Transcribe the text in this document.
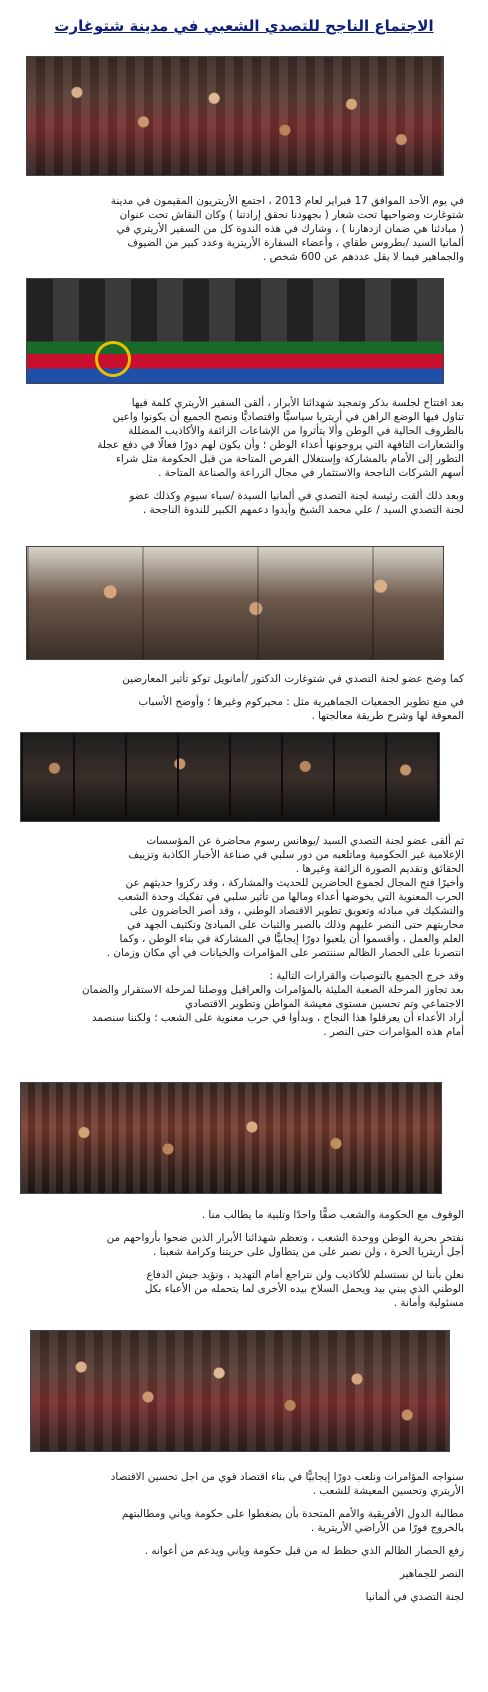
الاجتماع الناجح للتصدي الشعبي في مدينة شتوغارت

في يوم الأحد الموافق 17 فبراير لعام 2013 ، اجتمع الأريتريون المقيمون في مدينة

شتوغارت وضواحيها تحت شعار ( بجهودنا نحقق إرادتنا ) وكان النقاش تحت عنوان

( مبادئنا هي ضمان ازدهارنا ) ، وشارك في هذه الندوة كل من السفير الأريتري في

ألمانيا السيد /بطروس طقاي ، وأعضاء السفارة الأريترية وعدد كبير من الضيوف

والجماهير فيما لا يقل عددهم عن 600 شخص .

بعد افتتاح لجلسة بذكر وتمجيد شهدائنا الأبرار ، ألقى السفير الأريتري كلمة فيها

تناول فيها الوضع الراهن في أريتريا سياسيًّا واقتصاديًّا ونصح الجميع أن يكونوا واعين

بالظروف الحالية في الوطن وألا يتأثروا من الإشاعات الزائفة والأكاذيب المضللة

والشعارات التافهة التي يروجونها أعداء الوطن ؛ وأن يكون لهم دورًا فعالًا في دفع عجلة

التطور إلى الأمام بالمشاركة وإستغلال الفرص المتاحة من قبل الحكومة مثل شراء

أسهم الشركات الناجحة والاستثمار في مجال الزراعة والصناعة المتاحة .

وبعد ذلك ألقت رئيسة لجنة التصدي في ألمانيا السيدة /سباء سيوم وكذلك عضو

لجنة التصدي السيد / علي محمد الشيخ وأيدوا دعمهم الكبير للندوة الناجحة .

كما وضح عضو لجنة التصدي في شتوغارت الدكتور /أمانويل توكو تأثير المعارضين

في منع تطوير الجمعيات الجماهيرية مثل : محيركوم وغيرها ؛ وأوضح الأسباب

المعوقة لها وشرح طريقة معالجتها .

ثم ألقى عضو لجنة التصدي السيد /يوهانس رسوم محاضرة عن المؤسسات

الإعلامية غير الحكومية وماتلعبه من دور سلبي في صناعة الأخبار الكاذبة وتزييف

الحقائق وتقديم الصورة الزائفة وغيرها .

وأخيرًا فتح المجال لجموع الحاضرين للحديث والمشاركة ، وقد ركزوا حديثهم عن

الحرب المعنوية التي يخوضها أعداء ومالها من تأثير سلبي في تفكيك وحدة الشعب

والتشكيك في مبادئه وتعويق تطوير الاقتصاد الوطني ، وقد أصر الحاضرون على

محاربتهم حتى النصر عليهم وذلك بالصبر والثبات على المبادئ وتكثيف الجهد في

العلم والعمل ، وأقسموا أن يلعبوا دورًا إيجابيًّا في المشاركة في بناء الوطن ، وكما

انتصرنا على الحصار الظالم سننتصر على المؤامرات والخيانات في أي مكان وزمان .

وقد خرج الجميع بالتوصيات والقرارات التالية :

بعد تجاوز المرحلة الصعبة المليئة بالمؤامرات والعراقيل ووصلنا لمرحلة الاستقرار والضمان

الاجتماعي وتم تحسين مستوى معيشة المواطن وتطوير الاقتصادي

أراد الأعداء أن يعرقلوا هذا النجاح ، وبدأوا في حرب معنوية على الشعب ؛ ولكننا سنصمد

أمام هذه المؤامرات حتى النصر .

الوقوف مع الحكومة والشعب صفًّا واحدًا وتلبية ما يطالب منا .

نفتخر بحرية الوطن ووحدة الشعب ، وتعظم شهدائنا الأبرار الذين ضحوا بأرواحهم من

أجل أريتريا الحرة ، ولن نصبر على من يتطاول على حريتنا وكرامة شعبنا .

نعلن بأننا لن نستسلم للأكاذيب ولن نتراجع أمام التهديد ، ونؤيد جيش الدفاع

الوطني الذي يبني بيد ويحمل السلاح بيده الأخرى لما يتحمله من الأعباء بكل

مسئولية وأمانة .

سنواجه المؤامرات ونلعب دورًا إيجابيًّا في بناء اقتصاد قوي من اجل تحسين الاقتصاد

الأريتري وتحسين المعيشة للشعب .

مطالبة الدول الأفريقية والأمم المتحدة بأن يضغطوا على حكومة وياني ومطالبتهم

بالخروج فورًا من الأراضي الأريترية .

رفع الحصار الظالم الذي حظط له من قبل حكومة وياني ويدعم من أعوانه .

النصر للجماهير

لجنة التصدي في ألمانيا
